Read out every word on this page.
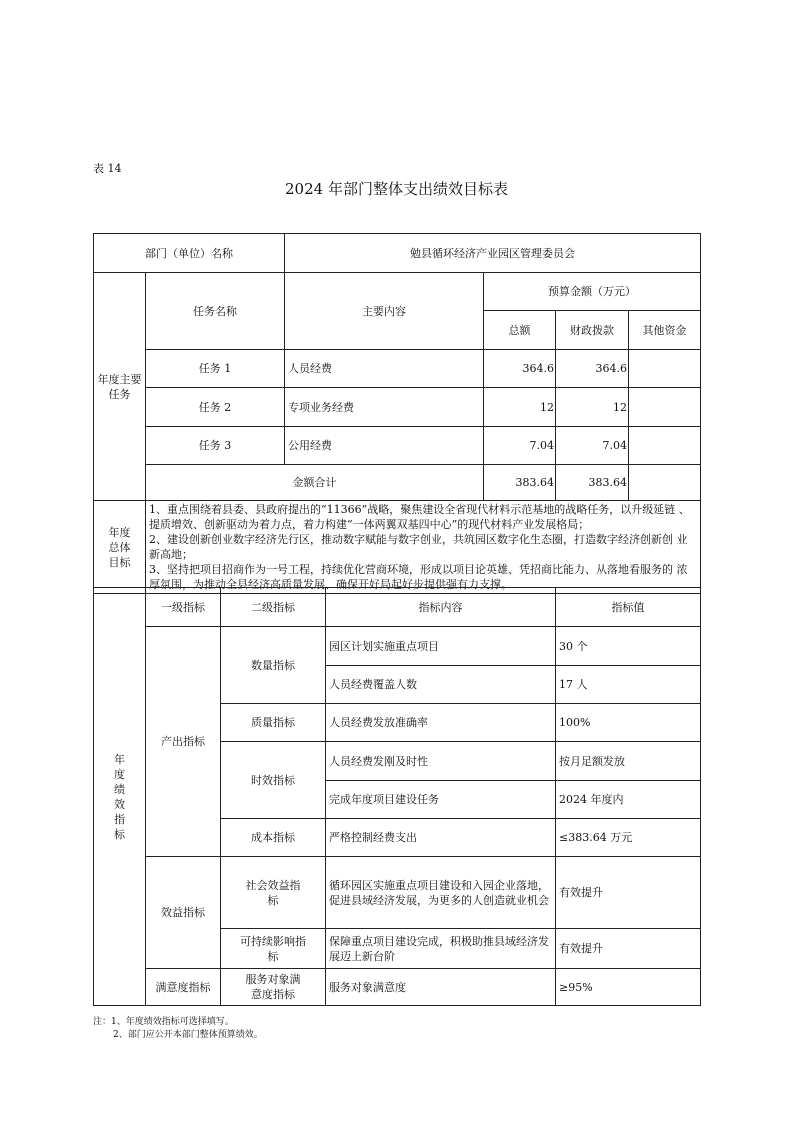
表 14
2024 年部门整体支出绩效目标表
部门（单位）名称		勉县循环经济产业园区管理委员会			
年度主要任务	任务名称	主要内容	预算金额（万元）		
			总额	财政拨款	其他资金
	任务 1	人员经费	364.6	364.6	
	任务 2	专项业务经费	12	12	
	任务 3	公用经费	7.04	7.04	
	金额合计		383.64	383.64	
年度总体目标	
1、重点围绕着县委、县政府提出的“11366”战略，聚焦建设全省现代材料示范基地的战略任务，以升级延链 、提质增效、创新驱动为着力点，着力构建“一体两翼双基四中心”的现代材料产业发展格局；
2、建设创新创业数字经济先行区，推动数字赋能与数字创业，共筑园区数字化生态圈，打造数字经济创新创 业新高地；
3、坚持把项目招商作为一号工程，持续优化营商环境，形成以项目论英雄、凭招商比能力、从落地看服务的 浓厚氛围，为推动全县经济高质量发展、确保开好局起好步提供强有力支撑。
年度绩效指标	一级指标	二级指标	指标内容	指标值
	产出指标	数量指标	园区计划实施重点项目	30 个
			人员经费覆盖人数	17 人
		质量指标	人员经费发放准确率	100%
		时效指标	人员经费发刚及时性	按月足额发放
			完成年度项目建设任务	2024 年度内
		成本指标	严格控制经费支出	≤383.64 万元
	效益指标	社会效益指标	循环园区实施重点项目建设和入园企业落地，促进县域经济发展，为更多的人创造就业机会	有效提升
		可持续影响指标	保障重点项目建设完成，积极助推县域经济发展迈上新台阶	有效提升
	满意度指标	服务对象满意度指标	服务对象满意度	≥95%
注：1、年度绩效指标可选择填写。
2、部门应公开本部门整体预算绩效。
